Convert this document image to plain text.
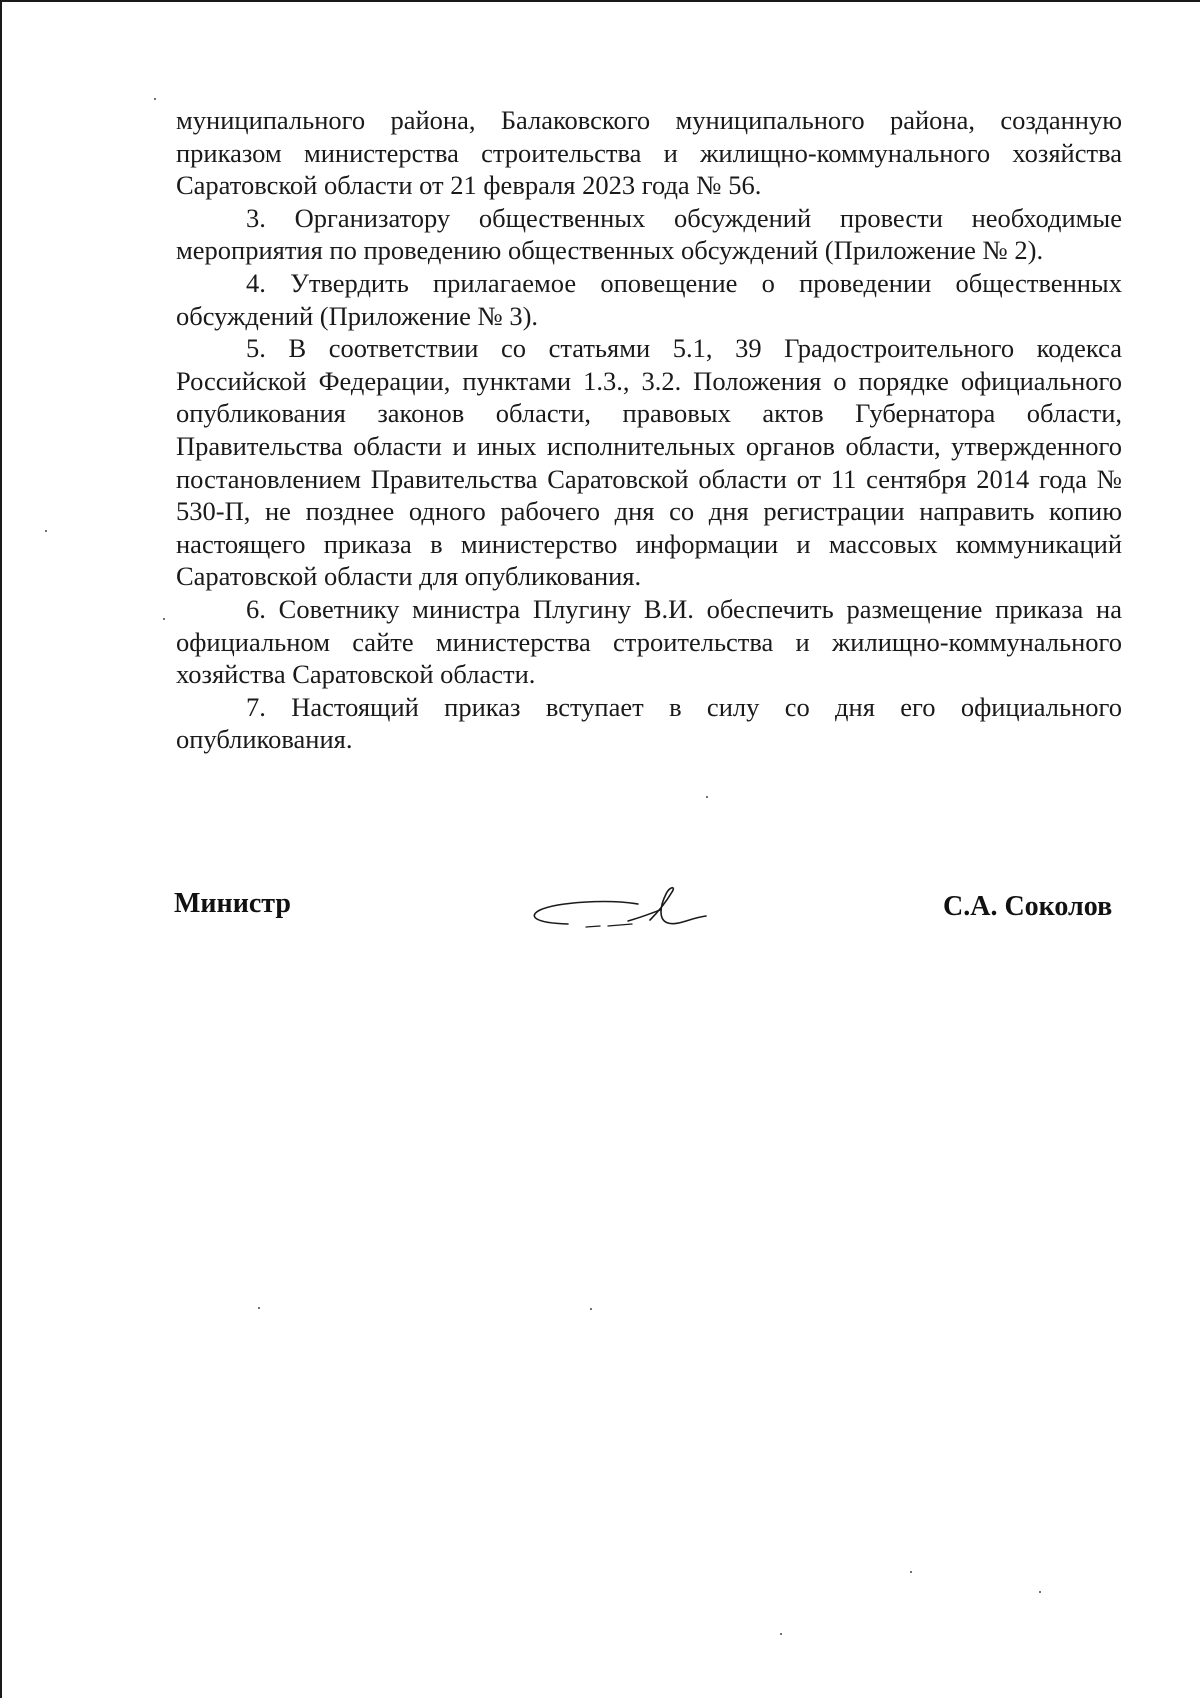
муниципального района, Балаковского муниципального района, созданную приказом министерства строительства и жилищно-коммунального хозяйства Саратовской области от 21 февраля 2023 года № 56.

3. Организатору общественных обсуждений провести необходимые мероприятия по проведению общественных обсуждений (Приложение № 2).

4. Утвердить прилагаемое оповещение о проведении общественных обсуждений (Приложение № 3).

5. В соответствии со статьями 5.1, 39 Градостроительного кодекса Российской Федерации, пунктами 1.3., 3.2. Положения о порядке официального опубликования законов области, правовых актов Губернатора области, Правительства области и иных исполнительных органов области, утвержденного постановлением Правительства Саратовской области от 11 сентября 2014 года № 530-П, не позднее одного рабочего дня со дня регистрации направить копию настоящего приказа в министерство информации и массовых коммуникаций Саратовской области для опубликования.

6. Советнику министра Плугину В.И. обеспечить размещение приказа на официальном сайте министерства строительства и жилищно-коммунального хозяйства Саратовской области.

7. Настоящий приказ вступает в силу со дня его официального опубликования.

Министр	С.А. Соколов
